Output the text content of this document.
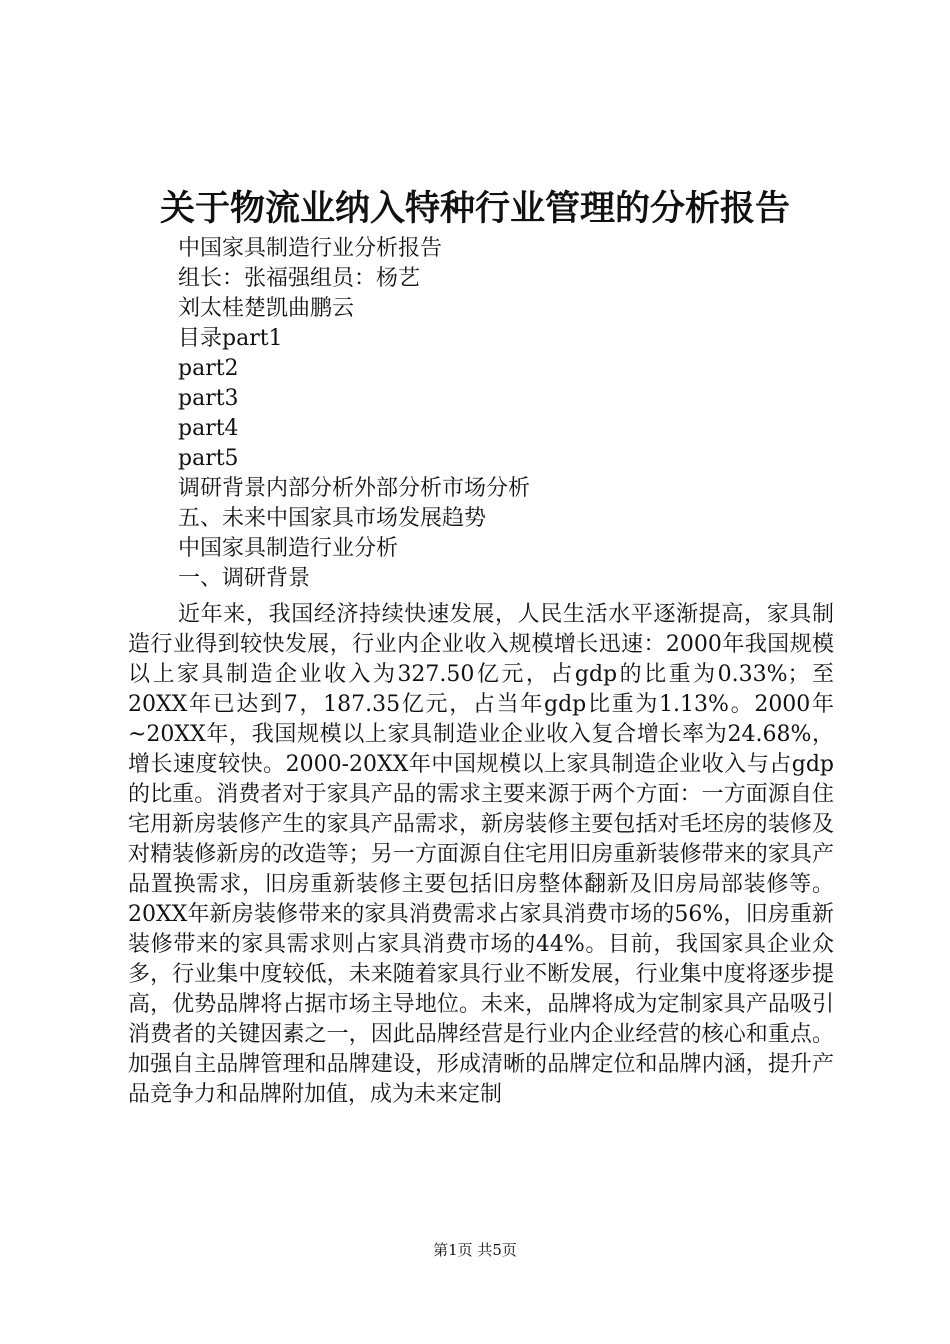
关于物流业纳入特种行业管理的分析报告
中国家具制造行业分析报告
组长：张福强组员：杨艺
刘太桂楚凯曲鹏云
目录part1
part2
part3
part4
part5
调研背景内部分析外部分析市场分析
五、未来中国家具市场发展趋势
中国家具制造行业分析
一、调研背景

近年来，我国经济持续快速发展，人民生活水平逐渐提高，家具制造行业得到较快发展，行业内企业收入规模增长迅速：2000年我国规模以上家具制造企业收入为327.50亿元，占gdp的比重为0.33%；至20XX年已达到7，187.35亿元，占当年gdp比重为1.13%。2000年~20XX年，我国规模以上家具制造业企业收入复合增长率为24.68%，增长速度较快。2000-20XX年中国规模以上家具制造企业收入与占gdp的比重。消费者对于家具产品的需求主要来源于两个方面：一方面源自住宅用新房装修产生的家具产品需求，新房装修主要包括对毛坯房的装修及对精装修新房的改造等；另一方面源自住宅用旧房重新装修带来的家具产品置换需求，旧房重新装修主要包括旧房整体翻新及旧房局部装修等。20XX年新房装修带来的家具消费需求占家具消费市场的56%，旧房重新装修带来的家具需求则占家具消费市场的44%。目前，我国家具企业众多，行业集中度较低，未来随着家具行业不断发展，行业集中度将逐步提高，优势品牌将占据市场主导地位。未来，品牌将成为定制家具产品吸引消费者的关键因素之一，因此品牌经营是行业内企业经营的核心和重点。加强自主品牌管理和品牌建设，形成清晰的品牌定位和品牌内涵，提升产品竞争力和品牌附加值，成为未来定制

第1页 共5页
